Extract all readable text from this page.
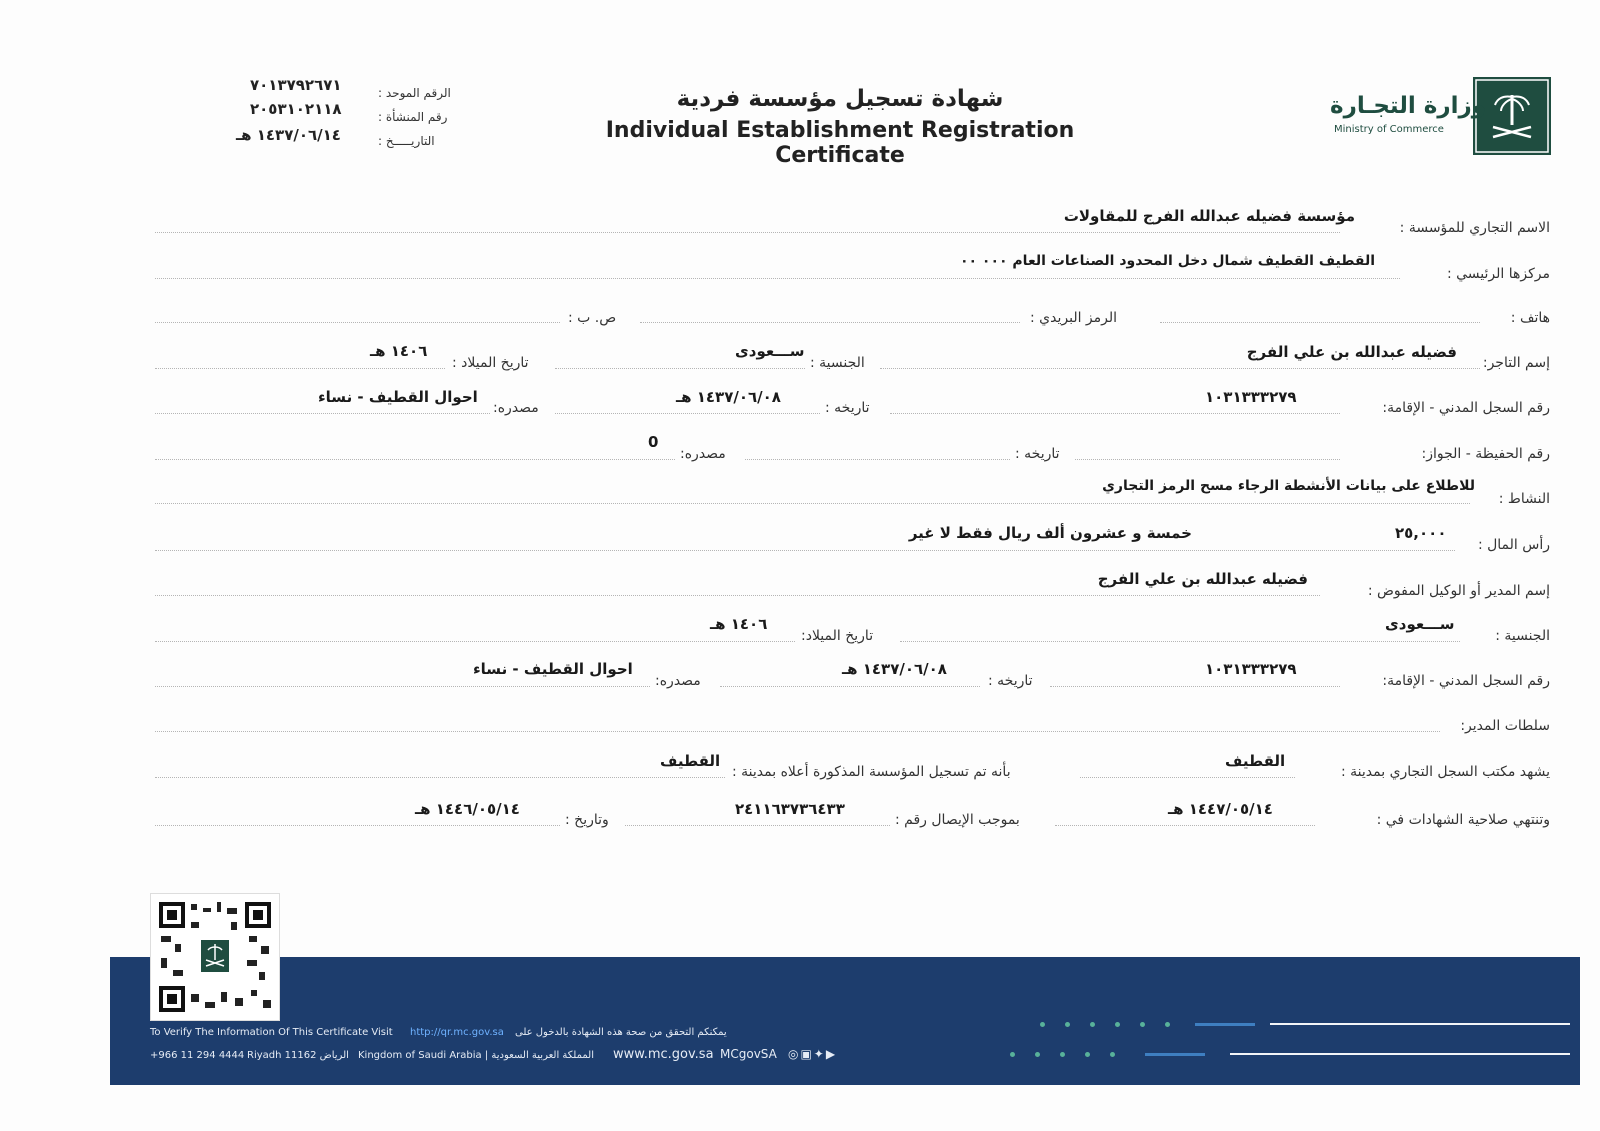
وزارة التجـارة
Ministry of Commerce
شهادة تسجيل مؤسسة فردية
Individual Establishment Registration Certificate
الرقم الموحد :
٧٠١٣٧٩٢٦٧١
رقم المنشأة :
٢٠٥٣١٠٢١١٨
التاريـــــخ :
١٤٣٧/٠٦/١٤ هـ
الاسم التجاري للمؤسسة :
مؤسسة فضيله عبدالله الفرج للمقاولات
مركزها الرئيسي :
القطيف القطيف شمال دخل المحدود الصناعات العام ٠٠٠ ٠٠
هاتف :
الرمز البريدي :
ص. ب :
إسم التاجر:
فضيله عبدالله بن علي الفرج
الجنسية :
ســـعودى
تاريخ الميلاد :
١٤٠٦ هـ
رقم السجل المدني - الإقامة:
١٠٣١٣٣٣٢٧٩
تاريخه :
١٤٣٧/٠٦/٠٨ هـ
مصدره:
احوال القطيف - نساء
رقم الحفيظة - الجواز:
تاريخه :
مصدره:
0
النشاط :
للاطلاع على بيانات الأنشطة الرجاء مسح الرمز التجاري
رأس المال :
٢٥,٠٠٠
خمسة و عشرون ألف ريال فقط لا غير
إسم المدير أو الوكيل المفوض :
فضيله عبدالله بن علي الفرج
الجنسية :
ســـعودى
تاريخ الميلاد:
١٤٠٦ هـ
رقم السجل المدني - الإقامة:
١٠٣١٣٣٣٢٧٩
تاريخه :
١٤٣٧/٠٦/٠٨ هـ
مصدره:
احوال القطيف - نساء
سلطات المدير:
يشهد مكتب السجل التجاري بمدينة :
القطيف
بأنه تم تسجيل المؤسسة المذكورة أعلاه بمدينة :
القطيف
وتنتهي صلاحية الشهادات في :
١٤٤٧/٠٥/١٤ هـ
بموجب الإيصال رقم :
٢٤١١٦٣٧٣٦٤٣٣
وتاريخ :
١٤٤٦/٠٥/١٤ هـ
To Verify The Information Of This Certificate Visit http://qr.mc.gov.sa يمكنكم التحقق من صحة هذه الشهادة بالدخول على
+966 11 294 4444 Riyadh 11162 الرياض Kingdom of Saudi Arabia | المملكة العربية السعودية www.mc.gov.sa MCgovSA ◎▣✦▶
